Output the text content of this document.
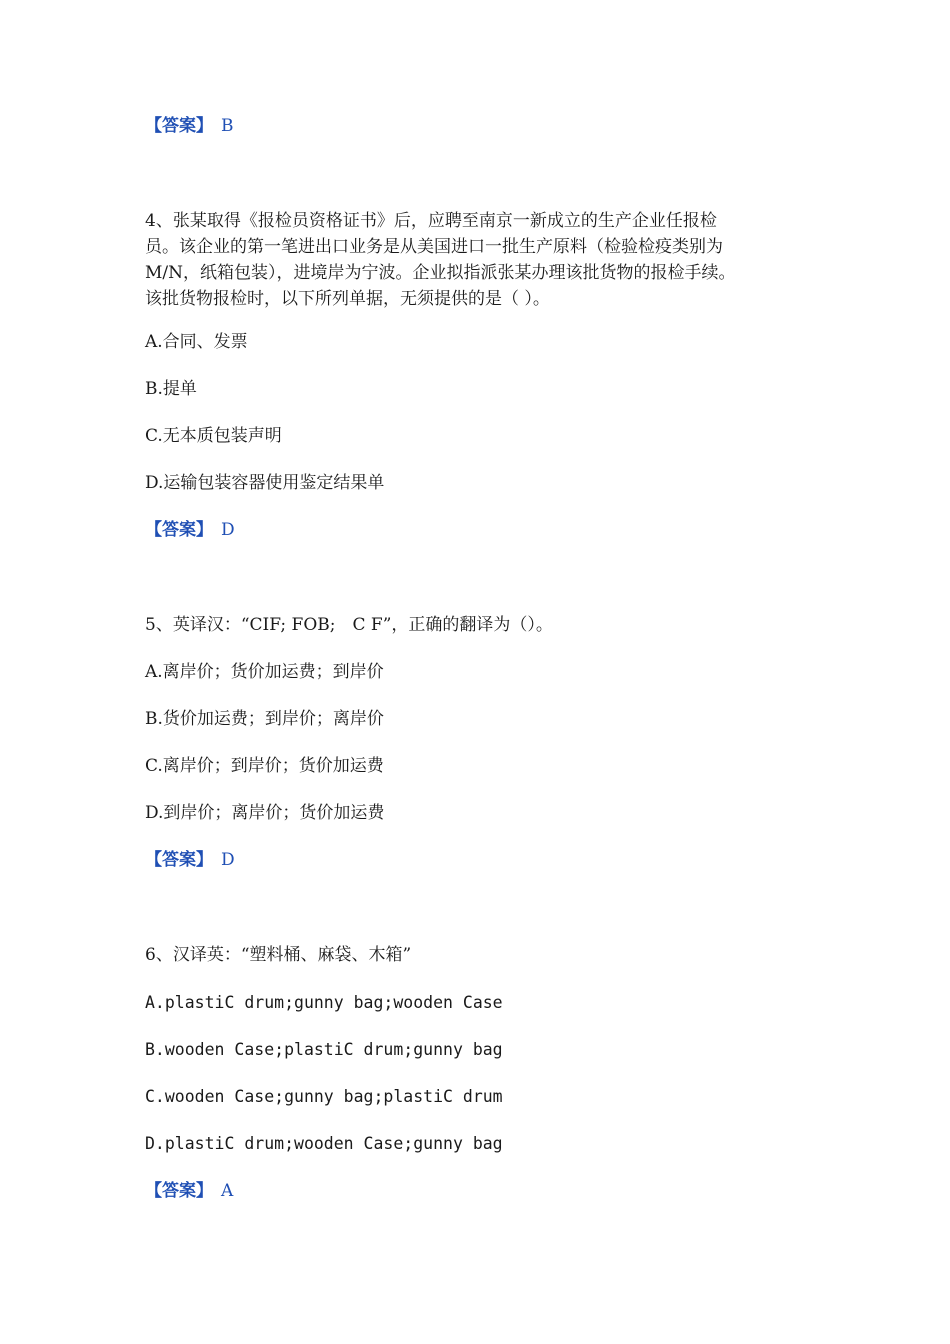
【答案】 B
4、张某取得《报检员资格证书》后，应聘至南京一新成立的生产企业任报检
员。该企业的第一笔进出口业务是从美国进口一批生产原料（检验检疫类别为
M/N，纸箱包装），进境岸为宁波。企业拟指派张某办理该批货物的报检手续。
该批货物报检时，以下所列单据，无须提供的是（ ）。
A.合同、发票
B.提单
C.无本质包装声明
D.运输包装容器使用鉴定结果单
【答案】 D
5、英译汉：“CIF; FOB;　C F”，正确的翻译为（）。
A.离岸价；货价加运费；到岸价
B.货价加运费；到岸价；离岸价
C.离岸价；到岸价；货价加运费
D.到岸价；离岸价；货价加运费
【答案】 D
6、汉译英：“塑料桶、麻袋、木箱”
A.plastiC drum;gunny bag;wooden Case
B.wooden Case;plastiC drum;gunny bag
C.wooden Case;gunny bag;plastiC drum
D.plastiC drum;wooden Case;gunny bag
【答案】 A
